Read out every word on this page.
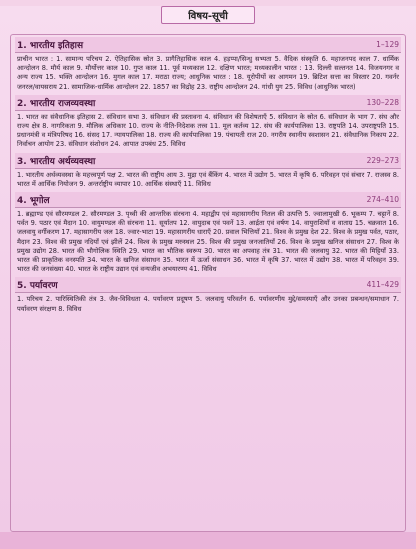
विषय-सूची
1. भारतीय इतिहास	1–129
प्राचीन भारत : 1. सामान्य परिचय 2. ऐतिहासिक स्रोत 3. प्रागैतिहासिक काल 4. हड़प्पा/सिन्धु सभ्यता 5. वैदिक संस्कृति 6. महाजनपद काल 7. धार्मिक आन्दोलन 8. मौर्य काल 9. मौर्योत्तर काल 10. गुप्त काल 11. पूर्व मध्यकाल 12. दक्षिण भारत; मध्यकालीन भारत : 13. दिल्ली सल्तनत 14. विजयनगर व अन्य राज्य 15. भक्ति आन्दोलन 16. मुगल काल 17. मराठा राज्य; आधुनिक भारत : 18. यूरोपीयों का आगमन 19. ब्रिटिश सत्ता का विस्तार 20. गवर्नर जनरल/वायसराय 21. सामाजिक-धार्मिक आन्दोलन 22. 1857 का विद्रोह 23. राष्ट्रीय आन्दोलन 24. गांधी युग 25. विविध (आधुनिक भारत)
2. भारतीय राजव्यवस्था	130–228
1. भारत का संवैधानिक इतिहास 2. संविधान सभा 3. संविधान की प्रस्तावना 4. संविधान की विशेषताएँ 5. संविधान के स्रोत 6. संविधान के भाग 7. संघ और राज्य क्षेत्र 8. नागरिकता 9. मौलिक अधिकार 10. राज्य के नीति-निदेशक तत्त्व 11. मूल कर्तव्य 12. संघ की कार्यपालिका 13. राष्ट्रपति 14. उपराष्ट्रपति 15. प्रधानमंत्री व मंत्रिपरिषद 16. संसद 17. न्यायपालिका 18. राज्य की कार्यपालिका 19. पंचायती राज 20. नगरीय स्थानीय स्वशासन 21. संवैधानिक निकाय 22. निर्वाचन आयोग 23. संविधान संशोधन 24. आपात उपबंध 25. विविध
3. भारतीय अर्थव्यवस्था	229–273
1. भारतीय अर्थव्यवस्था के महत्त्वपूर्ण पक्ष 2. भारत की राष्ट्रीय आय 3. मुद्रा एवं बैंकिंग 4. भारत में उद्योग 5. भारत में कृषि 6. परिवहन एवं संचार 7. राजस्व 8. भारत में आर्थिक नियोजन 9. अन्तर्राष्ट्रीय व्यापार 10. आर्थिक संस्थाएँ 11. विविध
4. भूगोल	274–410
1. ब्रह्माण्ड एवं सौरमण्डल 2. सौरमण्डल 3. पृथ्वी की आन्तरिक संरचना 4. महाद्वीप एवं महासागरीय नितल की उत्पत्ति 5. ज्वालामुखी 6. भूकम्प 7. चट्टानें 8. पर्वत 9. पठार एवं मैदान 10. वायुमण्डल की संरचना 11. सूर्यातप 12. वायुदाब एवं पवनें 13. आर्द्रता एवं वर्षण 14. वायुराशियाँ व वाताग्र 15. चक्रवात 16. जलवायु वर्गीकरण 17. महासागरीय जल 18. ज्वार-भाटा 19. महासागरीय धाराएँ 20. प्रवाल भित्तियाँ 21. विश्व के प्रमुख देश 22. विश्व के प्रमुख पर्वत, पठार, मैदान 23. विश्व की प्रमुख नदियाँ एवं झीलें 24. विश्व के प्रमुख मरुस्थल 25. विश्व की प्रमुख जनजातियाँ 26. विश्व के प्रमुख खनिज संसाधन 27. विश्व के प्रमुख उद्योग 28. भारत की भौगोलिक स्थिति 29. भारत का भौतिक स्वरूप 30. भारत का अपवाह तंत्र 31. भारत की जलवायु 32. भारत की मिट्टियाँ 33. भारत की प्राकृतिक वनस्पति 34. भारत के खनिज संसाधन 35. भारत में ऊर्जा संसाधन 36. भारत में कृषि 37. भारत में उद्योग 38. भारत में परिवहन 39. भारत की जनसंख्या 40. भारत के राष्ट्रीय उद्यान एवं वन्यजीव अभयारण्य 41. विविध
5. पर्यावरण	411–429
1. परिचय 2. पारिस्थितिकी तंत्र 3. जैव-विविधता 4. पर्यावरण प्रदूषण 5. जलवायु परिवर्तन 6. पर्यावरणीय मुद्दे/समस्याएँ और उनका प्रबन्धन/समाधान 7. पर्यावरण संरक्षण 8. विविध
